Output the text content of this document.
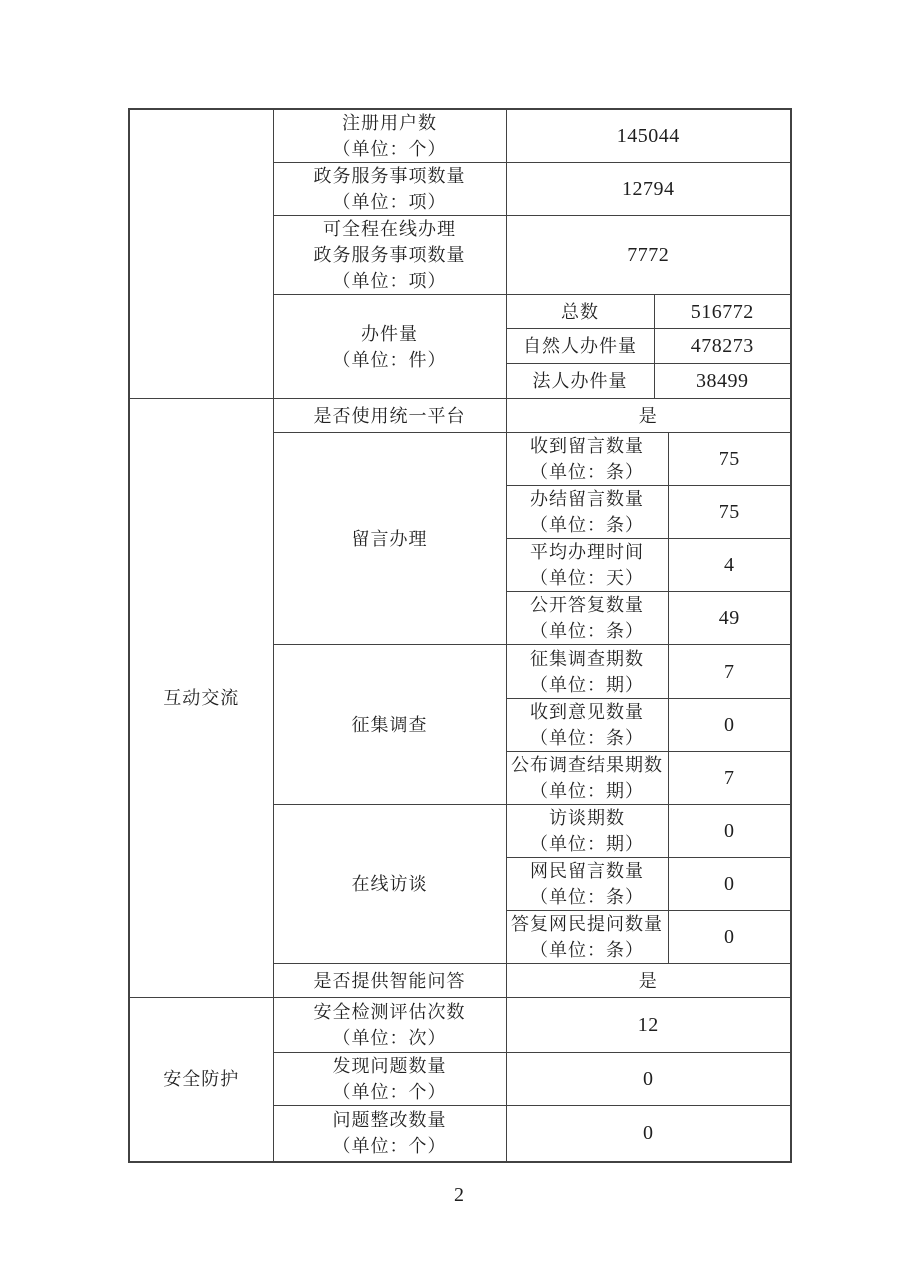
	注册用户数
（单位：个）	145044		

	政务服务事项数量
（单位：项）	12794		

	可全程在线办理
政务服务事项数量
（单位：项）	7772		

	办件量
（单位：件）	总数	516772	

		自然人办件量	478273	

		法人办件量	38499	

互动交流	是否使用统一平台	是		

	留言办理	收到留言数量
（单位：条）		75

		办结留言数量
（单位：条）		75

		平均办理时间
（单位：天）		4

		公开答复数量
（单位：条）		49

	征集调查	征集调查期数
（单位：期）		7

		收到意见数量
（单位：条）		0

		公布调查结果期数
（单位：期）		7

	在线访谈	访谈期数
（单位：期）		0

		网民留言数量
（单位：条）		0

		答复网民提问数量
（单位：条）		0

	是否提供智能问答	是		

安全防护	安全检测评估次数
（单位：次）	12		

	发现问题数量
（单位：个）	0		

	问题整改数量
（单位：个）	0		
2
